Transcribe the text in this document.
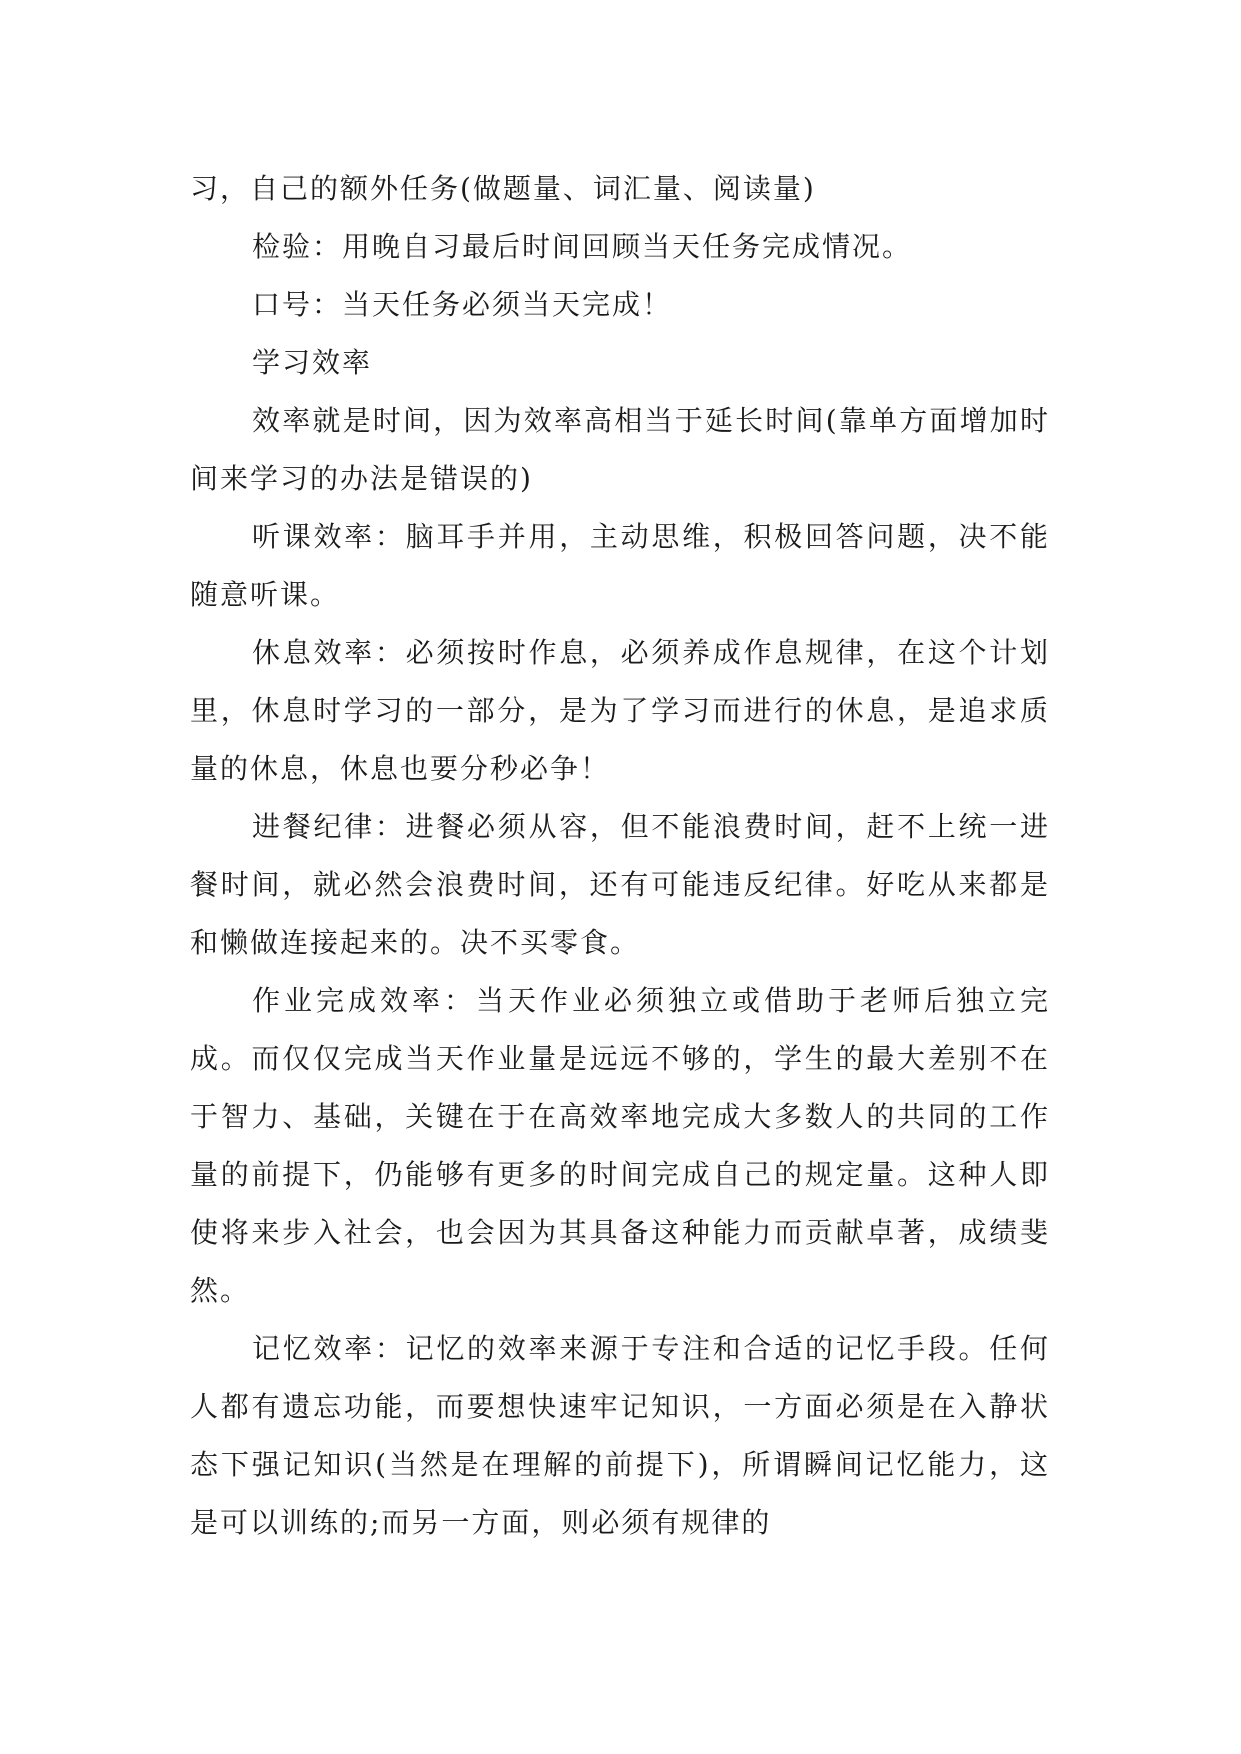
习，自己的额外任务(做题量、词汇量、阅读量)

检验：用晚自习最后时间回顾当天任务完成情况。

口号：当天任务必须当天完成！

学习效率

效率就是时间，因为效率高相当于延长时间(靠单方面增加时间来学习的办法是错误的)

听课效率：脑耳手并用，主动思维，积极回答问题，决不能随意听课。

休息效率：必须按时作息，必须养成作息规律，在这个计划里，休息时学习的一部分，是为了学习而进行的休息，是追求质量的休息，休息也要分秒必争！

进餐纪律：进餐必须从容，但不能浪费时间，赶不上统一进餐时间，就必然会浪费时间，还有可能违反纪律。好吃从来都是和懒做连接起来的。决不买零食。

作业完成效率：当天作业必须独立或借助于老师后独立完成。而仅仅完成当天作业量是远远不够的，学生的最大差别不在于智力、基础，关键在于在高效率地完成大多数人的共同的工作量的前提下，仍能够有更多的时间完成自己的规定量。这种人即使将来步入社会，也会因为其具备这种能力而贡献卓著，成绩斐然。

记忆效率：记忆的效率来源于专注和合适的记忆手段。任何人都有遗忘功能，而要想快速牢记知识，一方面必须是在入静状态下强记知识(当然是在理解的前提下)，所谓瞬间记忆能力，这是可以训练的;而另一方面，则必须有规律的
